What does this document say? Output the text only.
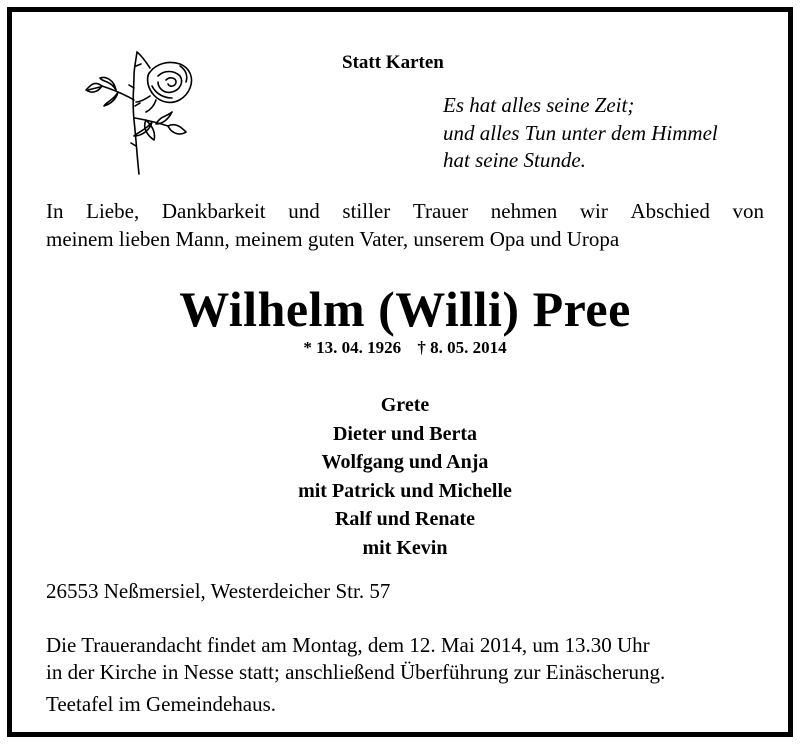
Statt Karten
Es hat alles seine Zeit;
und alles Tun unter dem Himmel
hat seine Stunde.
In Liebe, Dankbarkeit und stiller Trauer nehmen wir Abschied von
meinem lieben Mann, meinem guten Vater, unserem Opa und Uropa
Wilhelm (Willi) Pree
* 13. 04. 1926 † 8. 05. 2014
Grete
Dieter und Berta
Wolfgang und Anja
mit Patrick und Michelle
Ralf und Renate
mit Kevin
26553 Neßmersiel, Westerdeicher Str. 57
Die Trauerandacht findet am Montag, dem 12. Mai 2014, um 13.30 Uhr
in der Kirche in Nesse statt; anschließend Überführung zur Einäscherung.
Teetafel im Gemeindehaus.
